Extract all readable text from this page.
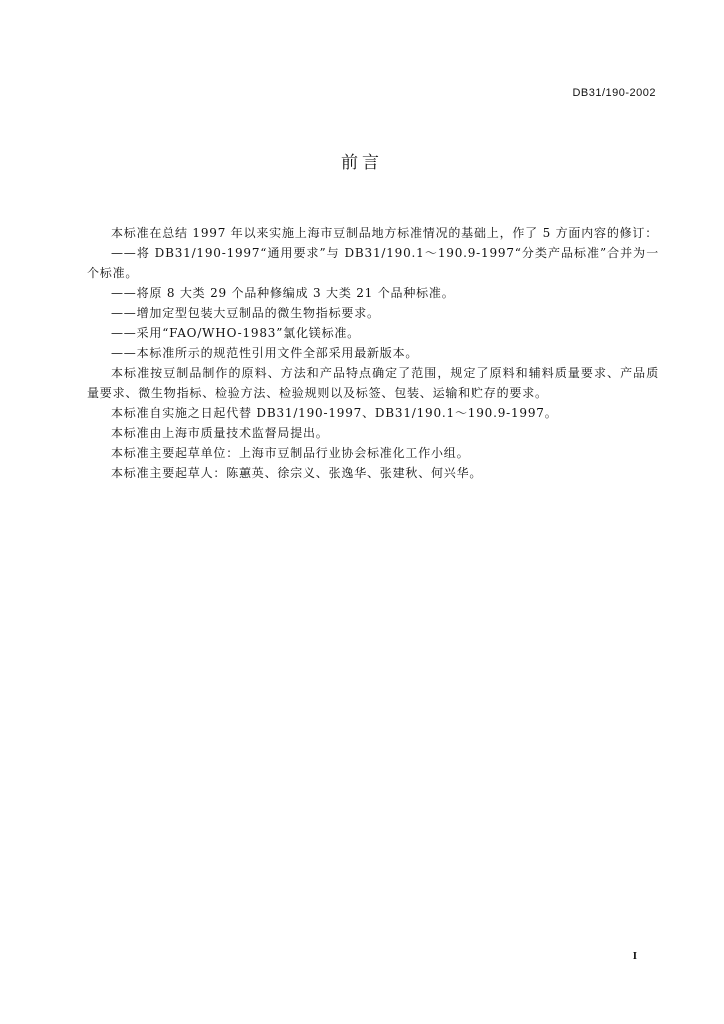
DB31/190-2002
前言

本标准在总结 1997 年以来实施上海市豆制品地方标准情况的基础上，作了 5 方面内容的修订：

——将 DB31/190-1997“通用要求”与 DB31/190.1～190.9-1997“分类产品标准”合并为一个标准。

——将原 8 大类 29 个品种修编成 3 大类 21 个品种标准。

——增加定型包装大豆制品的微生物指标要求。

——采用“FAO/WHO-1983”氯化镁标准。

——本标准所示的规范性引用文件全部采用最新版本。

本标准按豆制品制作的原料、方法和产品特点确定了范围，规定了原料和辅料质量要求、产品质量要求、微生物指标、检验方法、检验规则以及标签、包装、运输和贮存的要求。

本标准自实施之日起代替 DB31/190-1997、DB31/190.1～190.9-1997。

本标准由上海市质量技术监督局提出。

本标准主要起草单位：上海市豆制品行业协会标准化工作小组。

本标准主要起草人：陈蕙英、徐宗义、张逸华、张建秋、何兴华。

I
